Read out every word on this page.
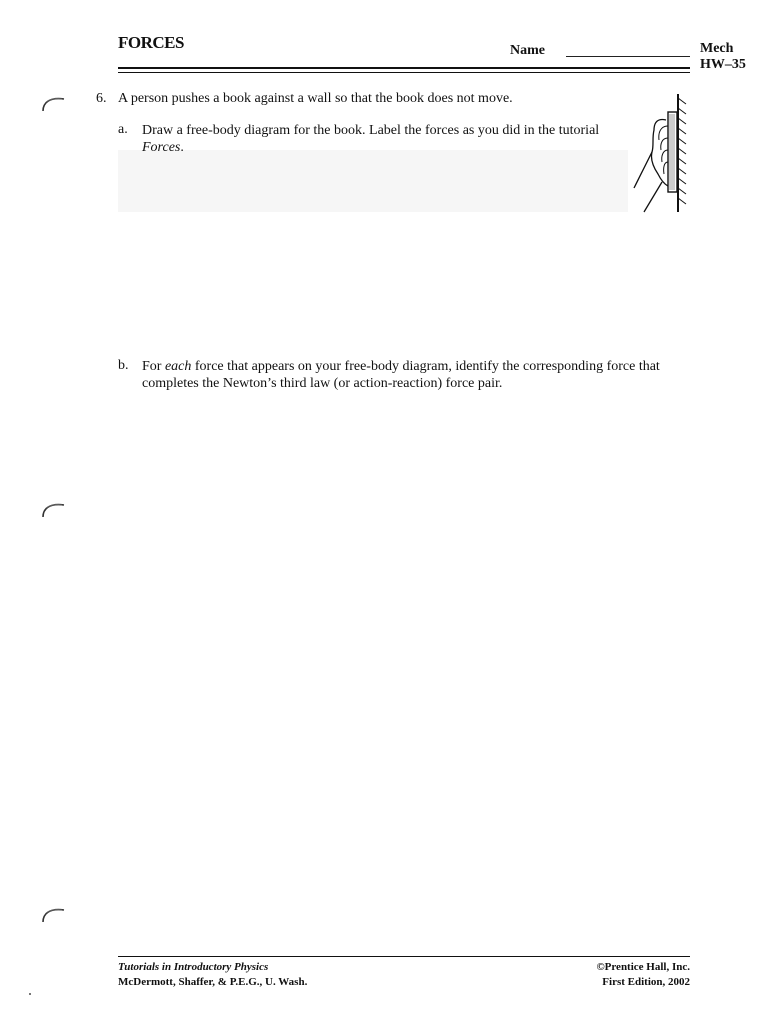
FORCES	Name	Mech
HW–35
6. A person pushes a book against a wall so that the book does not move.
a. Draw a free-body diagram for the book. Label the forces as you did in the tutorial Forces.
b. For each force that appears on your free-body diagram, identify the corresponding force that completes the Newton’s third law (or action-reaction) force pair.
Tutorials in Introductory Physics
McDermott, Shaffer, & P.E.G., U. Wash.
©Prentice Hall, Inc.
First Edition, 2002
